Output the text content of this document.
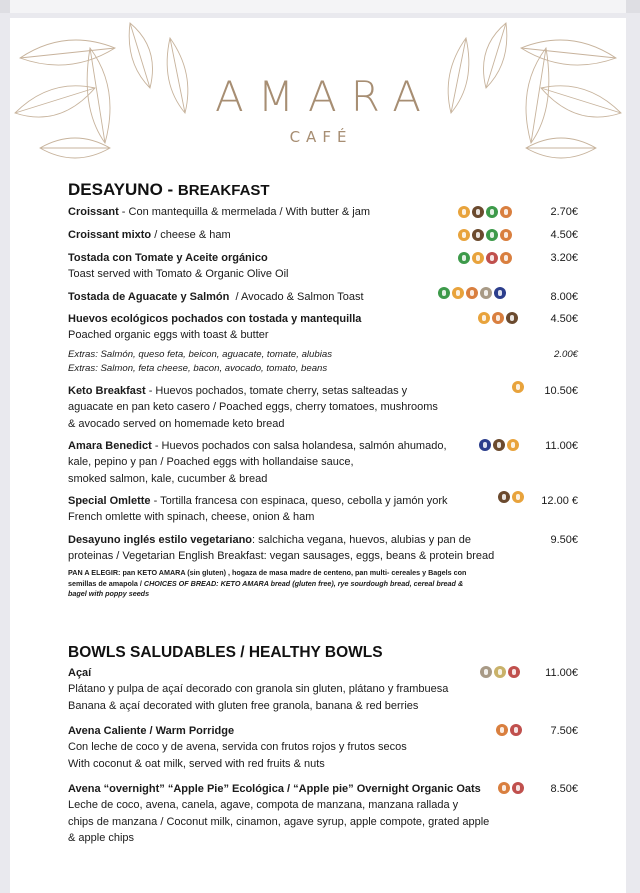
AMARA
CAFÉ
DESAYUNO - BREAKFAST
Croissant - Con mantequilla & mermelada / With butter & jam	2.70€
Croissant mixto / cheese & ham	4.50€
Tostada con Tomate y Aceite orgánico
Toast served with Tomato & Organic Olive Oil
3.20€
Tostada de Aguacate y Salmón  / Avocado & Salmon Toast	8.00€
Huevos ecológicos pochados con tostada y mantequilla
Poached organic eggs with toast & butter
4.50€
Extras: Salmón, queso feta, beicon, aguacate, tomate, alubias
Extras: Salmon, feta cheese, bacon, avocado, tomato, beans
2.00€
Keto Breakfast - Huevos pochados, tomate cherry, setas salteadas y
aguacate en pan keto casero / Poached eggs, cherry tomatoes, mushrooms
& avocado served on homemade keto bread
10.50€
Amara Benedict - Huevos pochados con salsa holandesa, salmón ahumado,
kale, pepino y pan / Poached eggs with hollandaise sauce,
smoked salmon, kale, cucumber & bread
11.00€
Special Omlette - Tortilla francesa con espinaca, queso, cebolla y jamón york
French omlette with spinach, cheese, onion & ham
12.00 €
Desayuno inglés estilo vegetariano: salchicha vegana, huevos, alubias y pan de
proteinas / Vegetarian English Breakfast: vegan sausages, eggs, beans & protein bread
9.50€
PAN A ELEGIR: pan KETO AMARA (sin gluten) , hogaza de masa madre de centeno, pan multi- cereales y Bagels con
semillas de amapola / CHOICES OF BREAD: KETO AMARA bread (gluten free), rye sourdough bread, cereal bread &
bagel with poppy seeds
BOWLS SALUDABLES / HEALTHY BOWLS
Açaí
Plátano y pulpa de açaí decorado con granola sin gluten, plátano y frambuesa
Banana & açaí decorated with gluten free granola, banana & red berries
11.00€
Avena Caliente / Warm Porridge
Con leche de coco y de avena, servida con frutos rojos y frutos secos
With coconut & oat milk, served with red fruits & nuts
7.50€
Avena “overnight” “Apple Pie” Ecológica / “Apple pie” Overnight Organic Oats
Leche de coco, avena, canela, agave, compota de manzana, manzana rallada y
chips de manzana / Coconut milk, cinamon, agave syrup, apple compote, grated apple
& apple chips
8.50€
